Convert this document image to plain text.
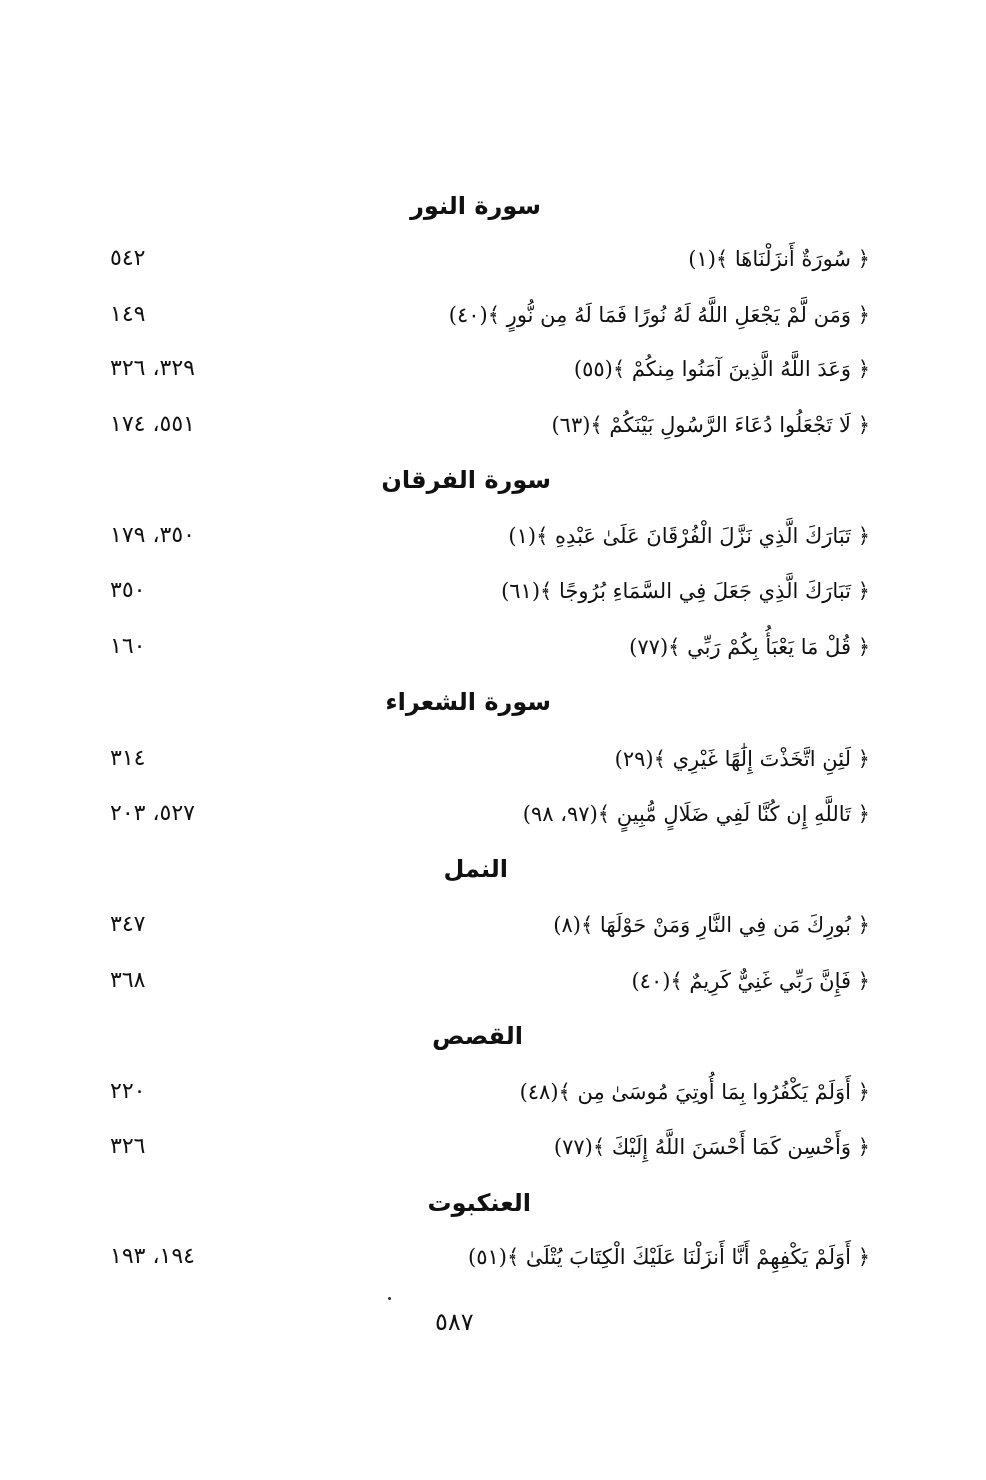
سورة النور
﴿ سُورَةٌ أَنزَلْنَاهَا ﴾(١)
٥٤٢
﴿ وَمَن لَّمْ يَجْعَلِ اللَّهُ لَهُ نُورًا فَمَا لَهُ مِن نُّورٍ ﴾(٤٠)
١٤٩
﴿ وَعَدَ اللَّهُ الَّذِينَ آمَنُوا مِنكُمْ ﴾(٥٥)
٣٢٩، ٣٢٦
﴿ لَا تَجْعَلُوا دُعَاءَ الرَّسُولِ بَيْنَكُمْ ﴾(٦٣)
٥٥١، ١٧٤
سورة الفرقان
﴿ تَبَارَكَ الَّذِي نَزَّلَ الْفُرْقَانَ عَلَىٰ عَبْدِهِ ﴾(١)
٣٥٠، ١٧٩
﴿ تَبَارَكَ الَّذِي جَعَلَ فِي السَّمَاءِ بُرُوجًا ﴾(٦١)
٣٥٠
﴿ قُلْ مَا يَعْبَأُ بِكُمْ رَبِّي ﴾(٧٧)
١٦٠
سورة الشعراء
﴿ لَئِنِ اتَّخَذْتَ إِلَٰهًا غَيْرِي ﴾(٢٩)
٣١٤
﴿ تَاللَّهِ إِن كُنَّا لَفِي ضَلَالٍ مُّبِينٍ ﴾(٩٧، ٩٨)
٥٢٧، ٢٠٣
النمل
﴿ بُورِكَ مَن فِي النَّارِ وَمَنْ حَوْلَهَا ﴾(٨)
٣٤٧
﴿ فَإِنَّ رَبِّي غَنِيٌّ كَرِيمٌ ﴾(٤٠)
٣٦٨
القصص
﴿ أَوَلَمْ يَكْفُرُوا بِمَا أُوتِيَ مُوسَىٰ مِن ﴾(٤٨)
٢٢٠
﴿ وَأَحْسِن كَمَا أَحْسَنَ اللَّهُ إِلَيْكَ ﴾(٧٧)
٣٢٦
العنكبوت
﴿ أَوَلَمْ يَكْفِهِمْ أَنَّا أَنزَلْنَا عَلَيْكَ الْكِتَابَ يُتْلَىٰ ﴾(٥١)
١٩٤، ١٩٣
٥٨٧
